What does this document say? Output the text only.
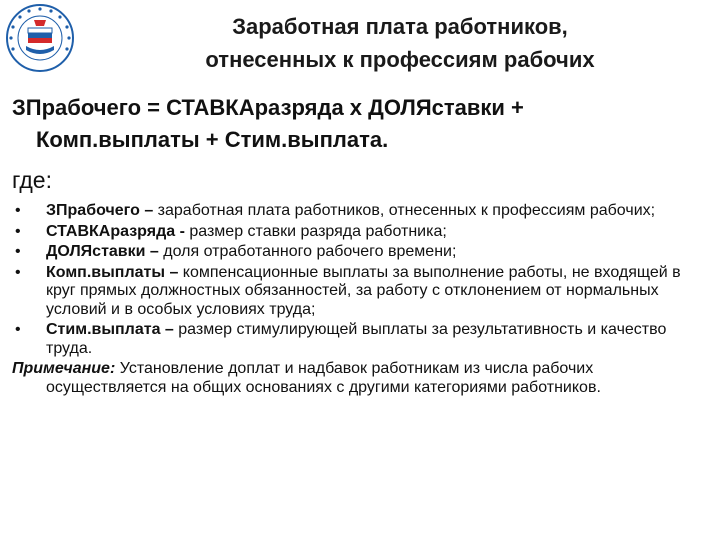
Заработная плата работников,
отнесенных к профессиям рабочих
ЗПрабочего = СТАВКАразряда х ДОЛЯставки +
Комп.выплаты + Стим.выплата.
где:
• ЗПрабочего – заработная плата работников, отнесенных к профессиям рабочих;
• СТАВКАразряда - размер ставки разряда работника;
• ДОЛЯставки – доля отработанного рабочего времени;
• Комп.выплаты – компенсационные выплаты за выполнение работы, не входящей в круг прямых должностных обязанностей, за работу с отклонением от нормальных условий и в особых условиях труда;
• Стим.выплата – размер стимулирующей выплаты за результативность и качество труда.
Примечание: Установление доплат и надбавок работникам из числа рабочих осуществляется на общих основаниях с другими категориями работников.
